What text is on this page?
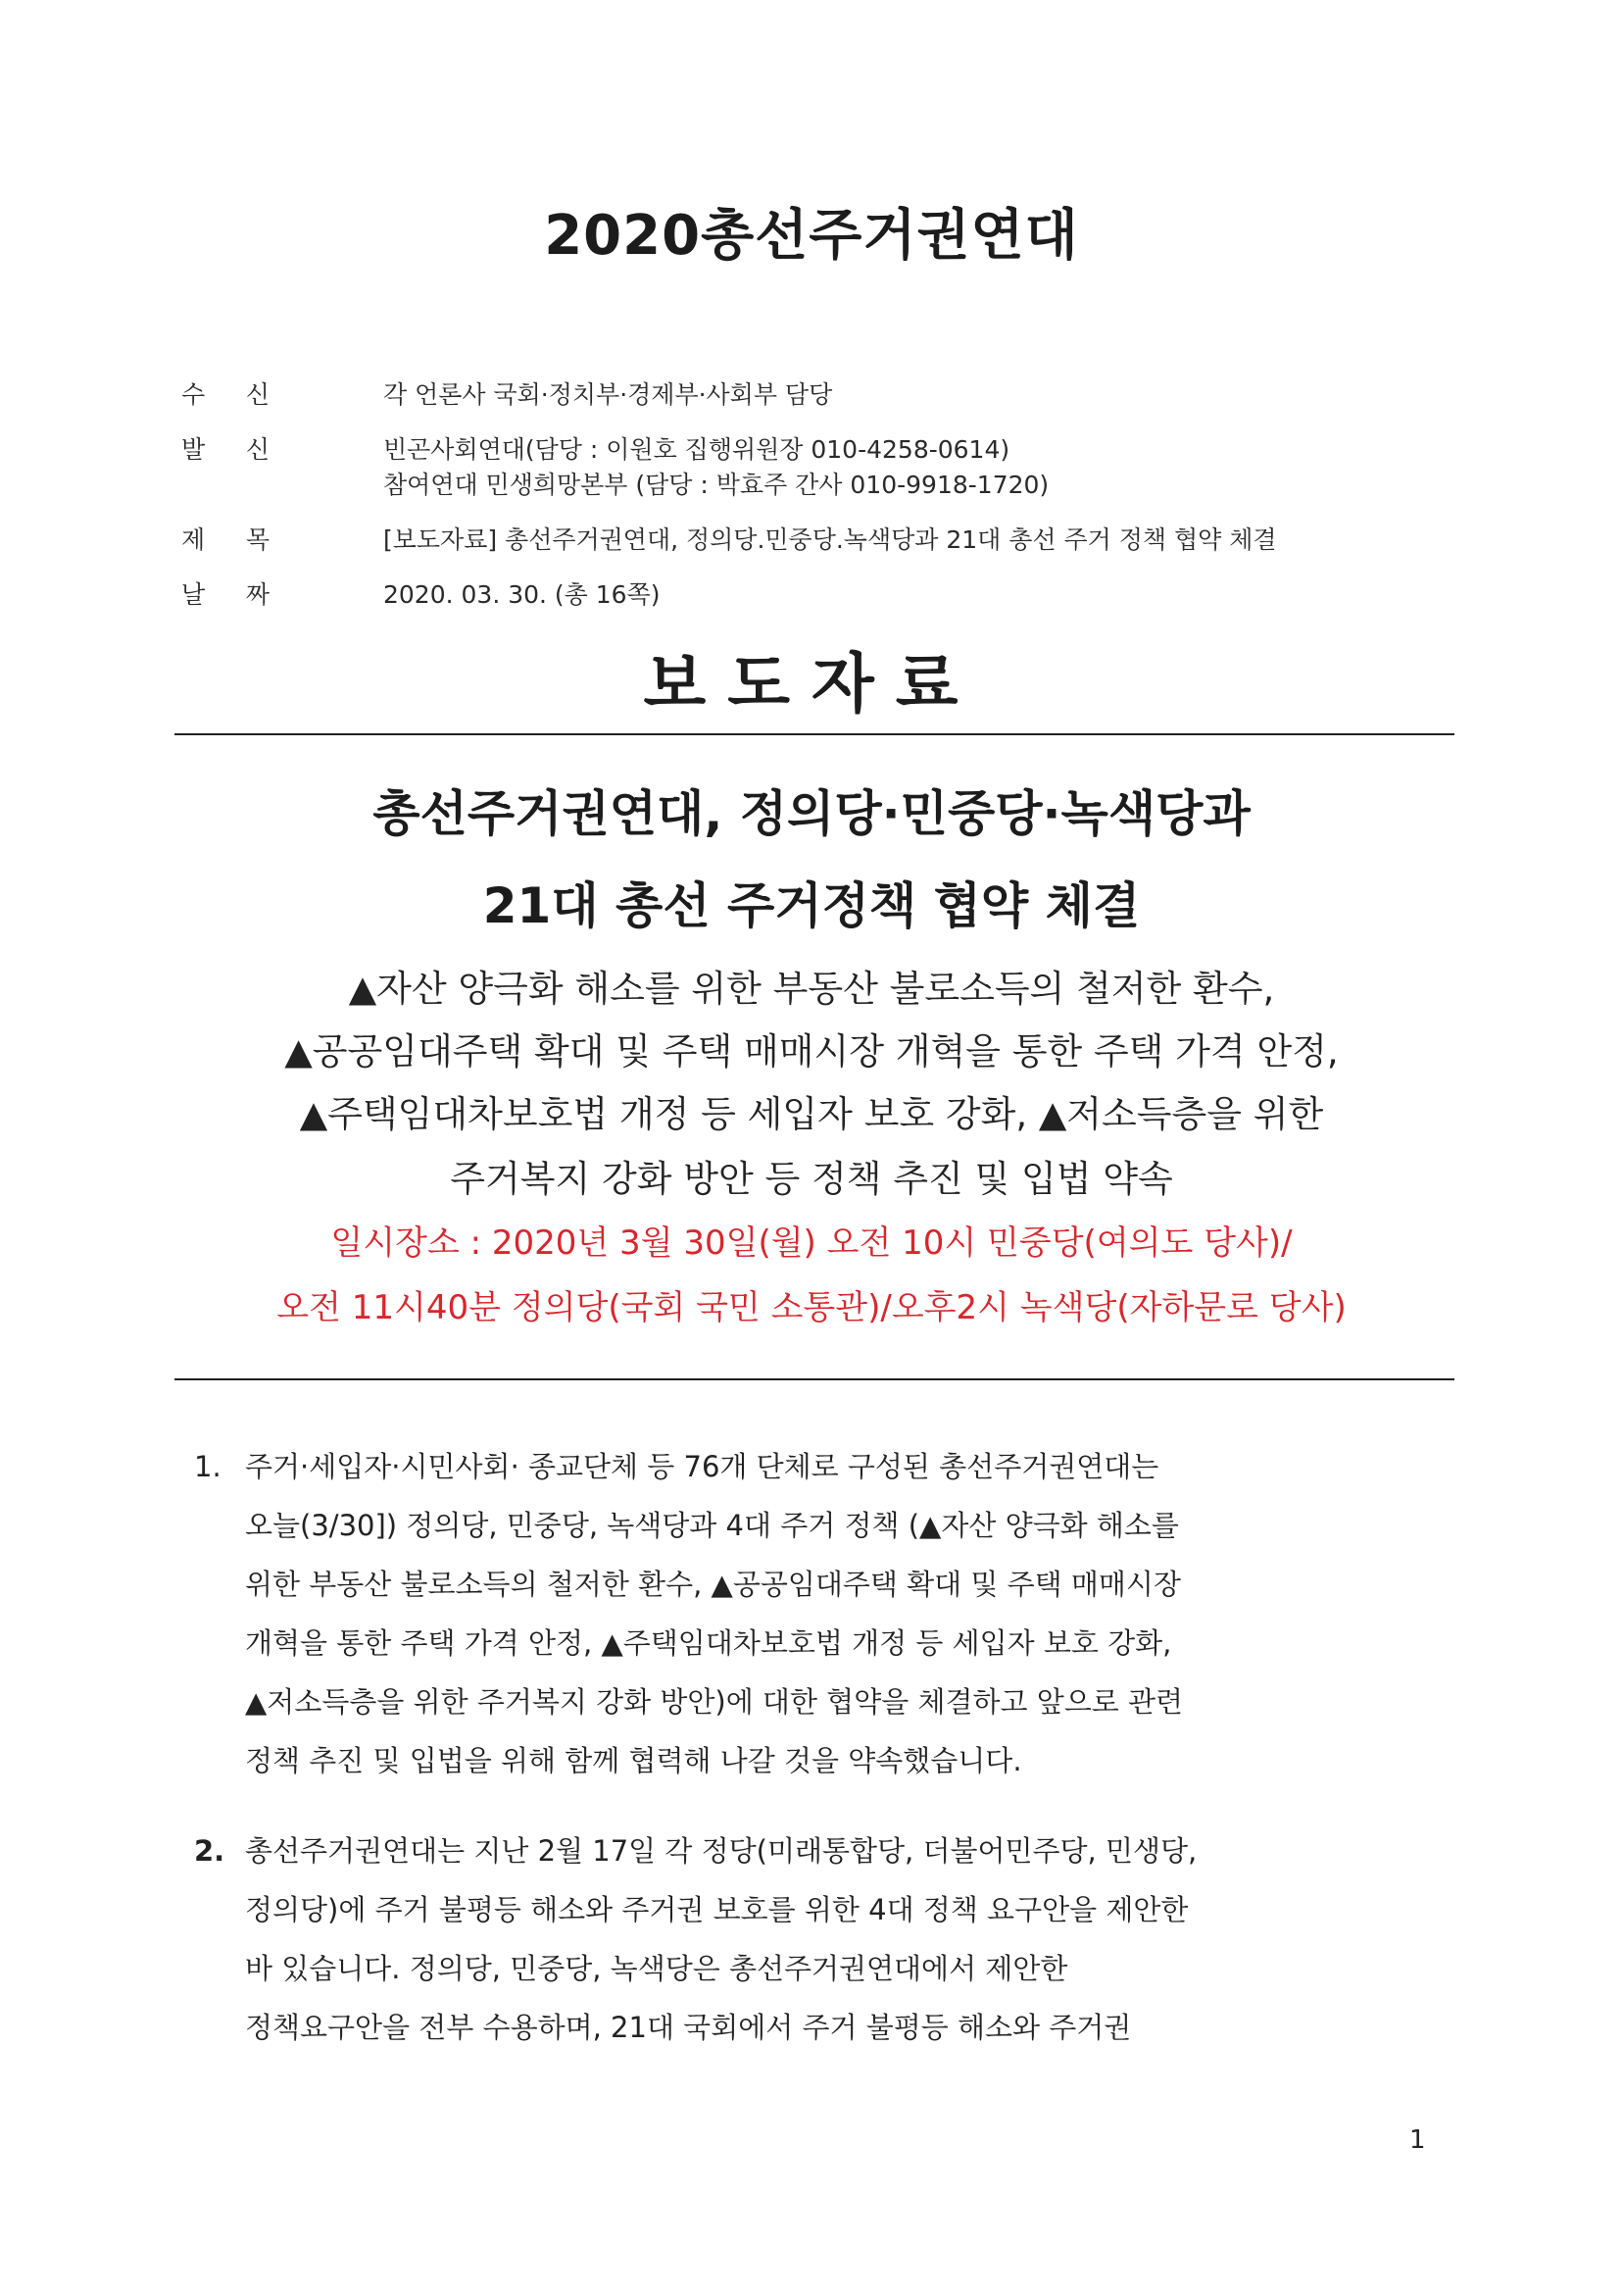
2020총선주거권연대
수 신	각 언론사 국회·정치부·경제부·사회부 담당
발 신	빈곤사회연대(담당 : 이원호 집행위원장 010-4258-0614)
참여연대 민생희망본부 (담당 : 박효주 간사 010-9918-1720)
제 목	[보도자료] 총선주거권연대, 정의당.민중당.녹색당과 21대 총선 주거 정책 협약 체결
날 짜	2020. 03. 30. (총 16쪽)
보도자료
총선주거권연대, 정의당·민중당·녹색당과
21대 총선 주거정책 협약 체결
▲자산 양극화 해소를 위한 부동산 불로소득의 철저한 환수,
▲공공임대주택 확대 및 주택 매매시장 개혁을 통한 주택 가격 안정,
▲주택임대차보호법 개정 등 세입자 보호 강화, ▲저소득층을 위한
주거복지 강화 방안 등 정책 추진 및 입법 약속
일시장소 : 2020년 3월 30일(월) 오전 10시 민중당(여의도 당사)/
오전 11시40분 정의당(국회 국민 소통관)/오후2시 녹색당(자하문로 당사)
1. 주거·세입자·시민사회· 종교단체 등 76개 단체로 구성된 총선주거권연대는
오늘(3/30]) 정의당, 민중당, 녹색당과 4대 주거 정책 (▲자산 양극화 해소를
위한 부동산 불로소득의 철저한 환수, ▲공공임대주택 확대 및 주택 매매시장
개혁을 통한 주택 가격 안정, ▲주택임대차보호법 개정 등 세입자 보호 강화,
▲저소득층을 위한 주거복지 강화 방안)에 대한 협약을 체결하고 앞으로 관련
정책 추진 및 입법을 위해 함께 협력해 나갈 것을 약속했습니다.
2. 총선주거권연대는 지난 2월 17일 각 정당(미래통합당, 더불어민주당, 민생당,
정의당)에 주거 불평등 해소와 주거권 보호를 위한 4대 정책 요구안을 제안한
바 있습니다. 정의당, 민중당, 녹색당은 총선주거권연대에서 제안한
정책요구안을 전부 수용하며, 21대 국회에서 주거 불평등 해소와 주거권
1
